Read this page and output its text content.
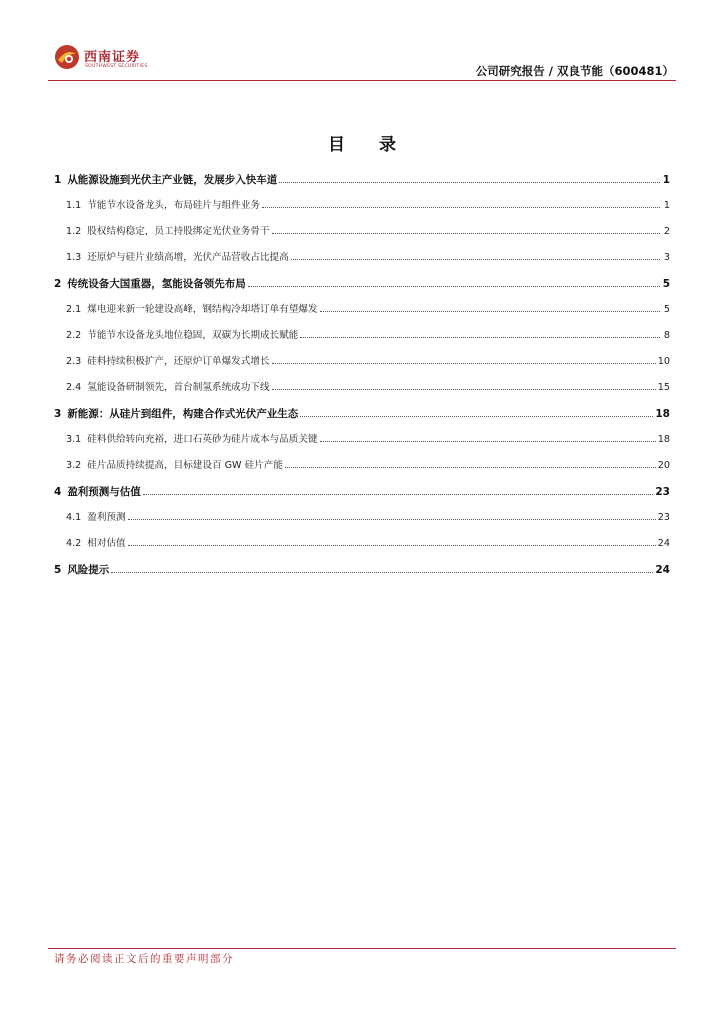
西南证券
SOUTHWEST SECURITIES	公司研究报告 / 双良节能（600481）
目 录
1 从能源设施到光伏主产业链，发展步入快车道	1
1.1 节能节水设备龙头，布局硅片与组件业务	1
1.2 股权结构稳定，员工持股绑定光伏业务骨干	2
1.3 还原炉与硅片业绩高增，光伏产品营收占比提高	3
2 传统设备大国重器，氢能设备领先布局	5
2.1 煤电迎来新一轮建设高峰，钢结构冷却塔订单有望爆发	5
2.2 节能节水设备龙头地位稳固，双碳为长期成长赋能	8
2.3 硅料持续积极扩产，还原炉订单爆发式增长	10
2.4 氢能设备研制领先，首台制氢系统成功下线	15
3 新能源：从硅片到组件，构建合作式光伏产业生态	18
3.1 硅料供给转向充裕，进口石英砂为硅片成本与品质关键	18
3.2 硅片品质持续提高，目标建设百 GW 硅片产能	20
4 盈利预测与估值	23
4.1 盈利预测	23
4.2 相对估值	24
5 风险提示	24
请务必阅读正文后的重要声明部分
